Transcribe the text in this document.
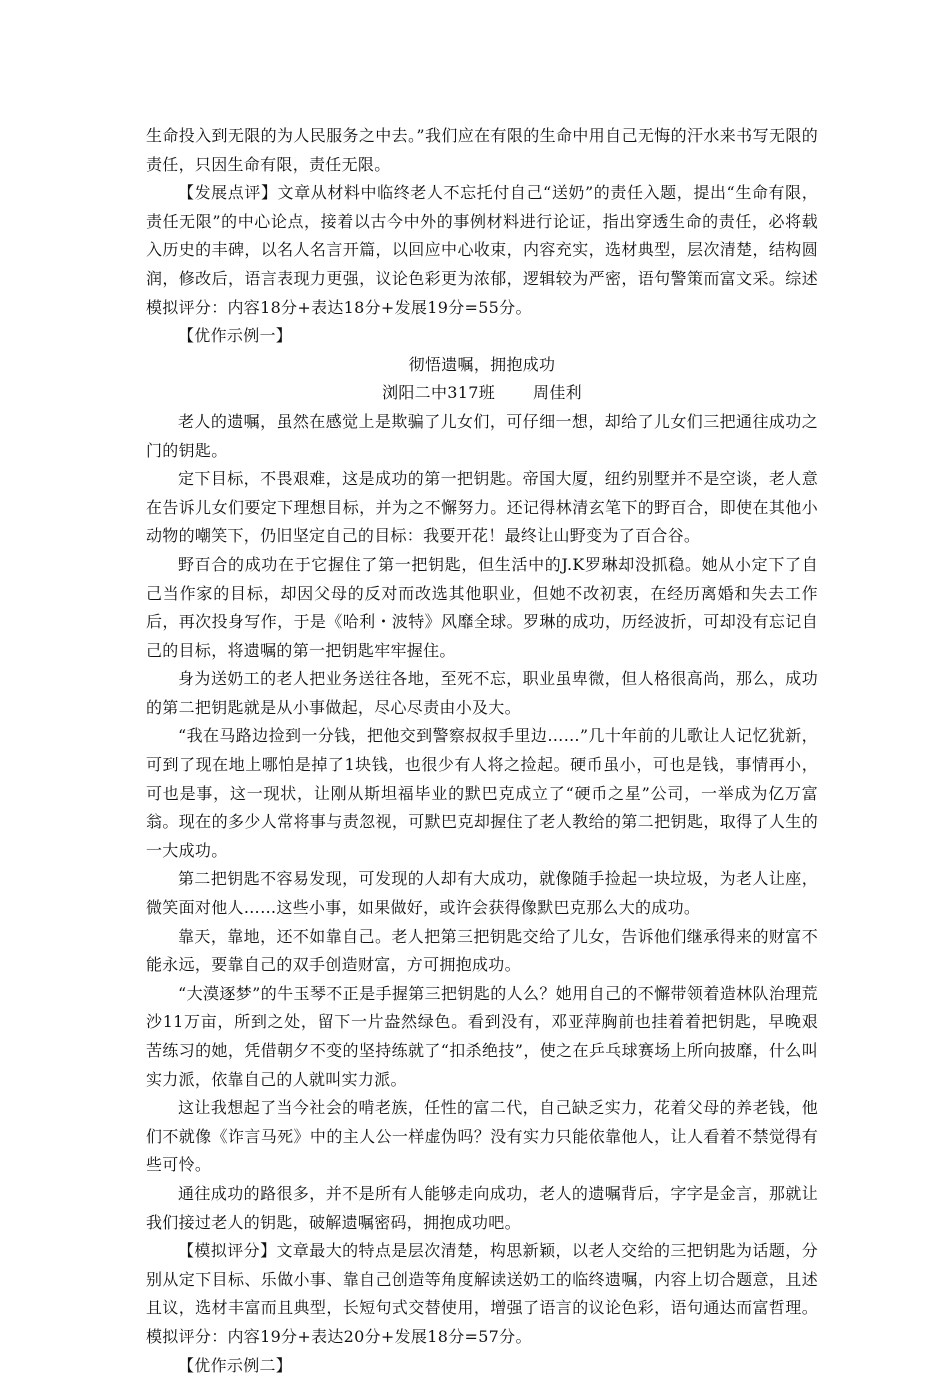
生命投入到无限的为人民服务之中去。”我们应在有限的生命中用自己无悔的汗水来书写无限的责任，只因生命有限，责任无限。

【发展点评】文章从材料中临终老人不忘托付自己“送奶”的责任入题，提出“生命有限，责任无限”的中心论点，接着以古今中外的事例材料进行论证，指出穿透生命的责任，必将载入历史的丰碑，以名人名言开篇，以回应中心收束，内容充实，选材典型，层次清楚，结构圆润，修改后，语言表现力更强，议论色彩更为浓郁，逻辑较为严密，语句警策而富文采。综述模拟评分：内容18分+表达18分+发展19分=55分。

【优作示例一】

彻悟遗嘱，拥抱成功

浏阳二中317班 周佳利

老人的遗嘱，虽然在感觉上是欺骗了儿女们，可仔细一想，却给了儿女们三把通往成功之门的钥匙。

定下目标，不畏艰难，这是成功的第一把钥匙。帝国大厦，纽约别墅并不是空谈，老人意在告诉儿女们要定下理想目标，并为之不懈努力。还记得林清玄笔下的野百合，即使在其他小动物的嘲笑下，仍旧坚定自己的目标：我要开花！最终让山野变为了百合谷。

野百合的成功在于它握住了第一把钥匙，但生活中的J.K罗琳却没抓稳。她从小定下了自己当作家的目标，却因父母的反对而改选其他职业，但她不改初衷，在经历离婚和失去工作后，再次投身写作，于是《哈利・波特》风靡全球。罗琳的成功，历经波折，可却没有忘记自己的目标，将遗嘱的第一把钥匙牢牢握住。

身为送奶工的老人把业务送往各地，至死不忘，职业虽卑微，但人格很高尚，那么，成功的第二把钥匙就是从小事做起，尽心尽责由小及大。

“我在马路边捡到一分钱，把他交到警察叔叔手里边……”几十年前的儿歌让人记忆犹新，可到了现在地上哪怕是掉了1块钱，也很少有人将之捡起。硬币虽小，可也是钱，事情再小，可也是事，这一现状，让刚从斯坦福毕业的默巴克成立了“硬币之星”公司，一举成为亿万富翁。现在的多少人常将事与责忽视，可默巴克却握住了老人教给的第二把钥匙，取得了人生的一大成功。

第二把钥匙不容易发现，可发现的人却有大成功，就像随手捡起一块垃圾，为老人让座，微笑面对他人……这些小事，如果做好，或许会获得像默巴克那么大的成功。

靠天，靠地，还不如靠自己。老人把第三把钥匙交给了儿女，告诉他们继承得来的财富不能永远，要靠自己的双手创造财富，方可拥抱成功。

“大漠逐梦”的牛玉琴不正是手握第三把钥匙的人么？她用自己的不懈带领着造林队治理荒沙11万亩，所到之处，留下一片盎然绿色。看到没有，邓亚萍胸前也挂着着把钥匙，早晚艰苦练习的她，凭借朝夕不变的坚持练就了“扣杀绝技”，使之在乒乓球赛场上所向披靡，什么叫实力派，依靠自己的人就叫实力派。

这让我想起了当今社会的啃老族，任性的富二代，自己缺乏实力，花着父母的养老钱，他们不就像《诈言马死》中的主人公一样虚伪吗？没有实力只能依靠他人，让人看着不禁觉得有些可怜。

通往成功的路很多，并不是所有人能够走向成功，老人的遗嘱背后，字字是金言，那就让我们接过老人的钥匙，破解遗嘱密码，拥抱成功吧。

【模拟评分】文章最大的特点是层次清楚，构思新颖，以老人交给的三把钥匙为话题，分别从定下目标、乐做小事、靠自己创造等角度解读送奶工的临终遗嘱，内容上切合题意，且述且议，选材丰富而且典型，长短句式交替使用，增强了语言的议论色彩，语句通达而富哲理。模拟评分：内容19分+表达20分+发展18分=57分。

【优作示例二】
